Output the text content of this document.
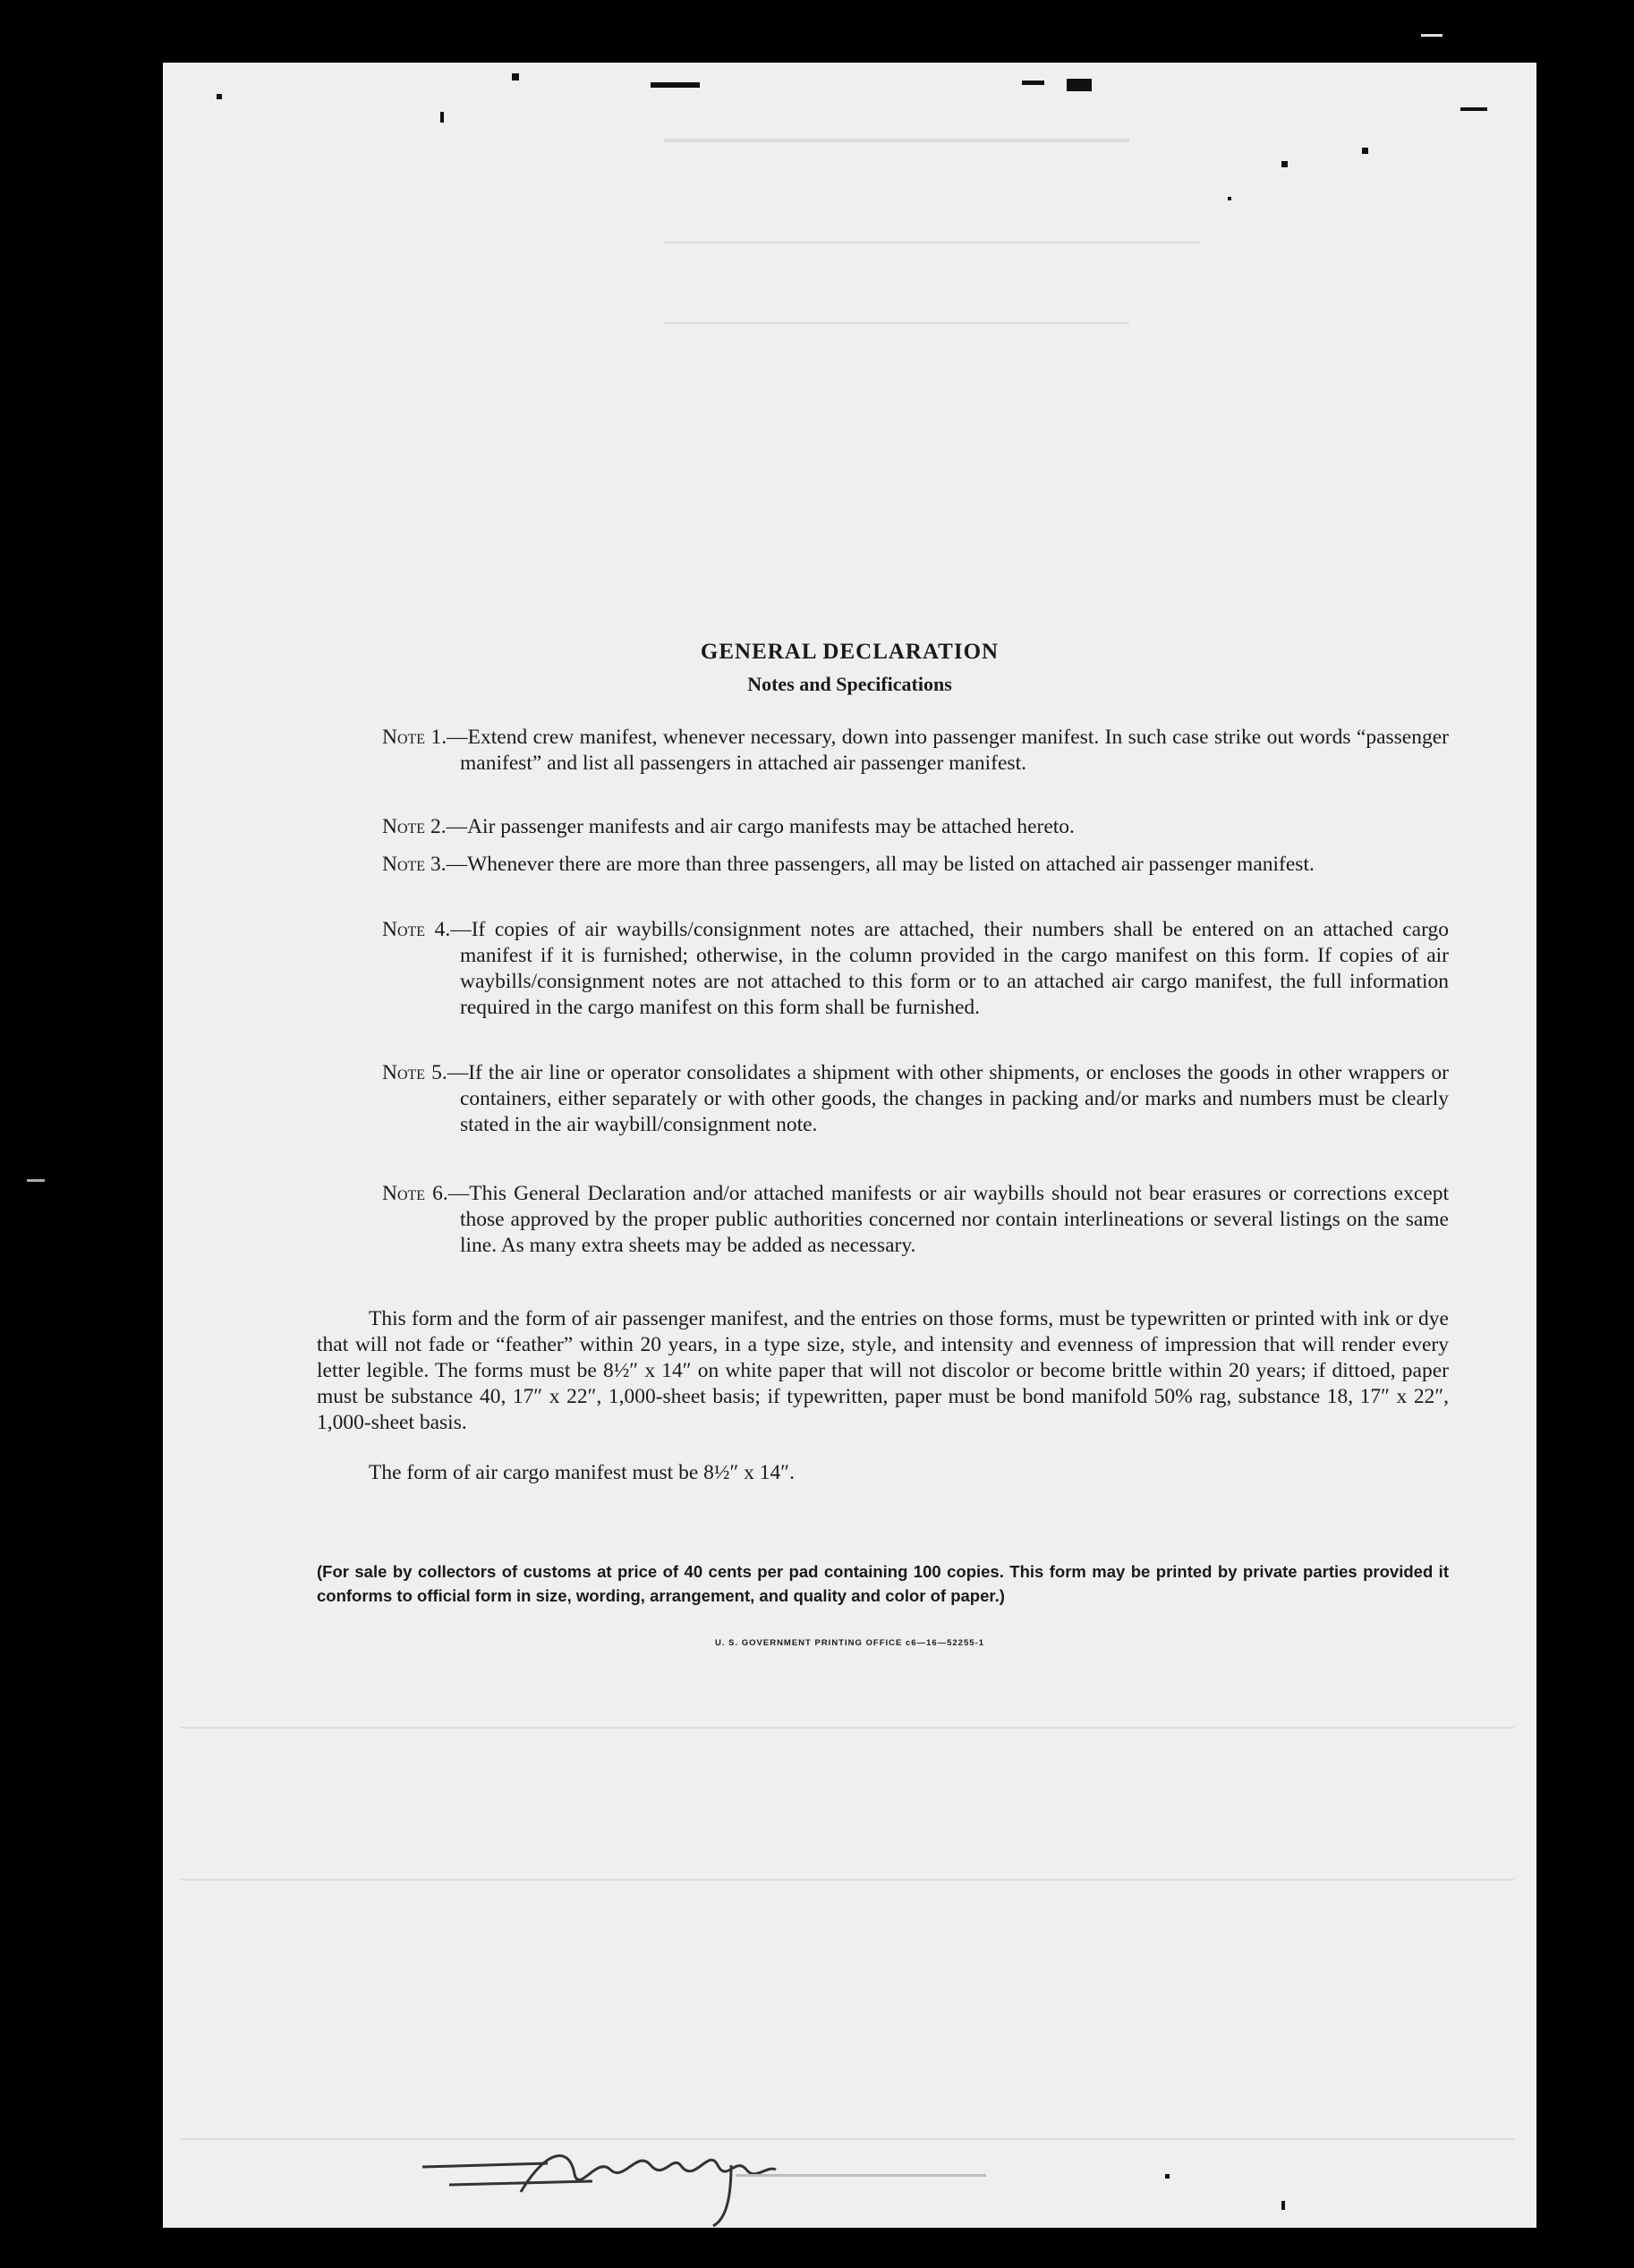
GENERAL DECLARATION
Notes and Specifications
Note 1.—Extend crew manifest, whenever necessary, down into passenger manifest. In such case strike out words “passenger manifest” and list all passengers in attached air passenger manifest.
Note 2.—Air passenger manifests and air cargo manifests may be attached hereto.
Note 3.—Whenever there are more than three passengers, all may be listed on attached air passenger manifest.
Note 4.—If copies of air waybills/consignment notes are attached, their numbers shall be entered on an attached cargo manifest if it is furnished; otherwise, in the column provided in the cargo manifest on this form. If copies of air waybills/consignment notes are not attached to this form or to an attached air cargo manifest, the full information required in the cargo manifest on this form shall be furnished.
Note 5.—If the air line or operator consolidates a shipment with other shipments, or encloses the goods in other wrappers or containers, either separately or with other goods, the changes in packing and/or marks and numbers must be clearly stated in the air waybill/consignment note.
Note 6.—This General Declaration and/or attached manifests or air waybills should not bear erasures or corrections except those approved by the proper public authorities concerned nor contain interlineations or several listings on the same line. As many extra sheets may be added as necessary.
This form and the form of air passenger manifest, and the entries on those forms, must be typewritten or printed with ink or dye that will not fade or “feather” within 20 years, in a type size, style, and intensity and evenness of impression that will render every letter legible. The forms must be 8½″ x 14″ on white paper that will not discolor or become brittle within 20 years; if dittoed, paper must be substance 40, 17″ x 22″, 1,000-sheet basis; if typewritten, paper must be bond manifold 50% rag, substance 18, 17″ x 22″, 1,000-sheet basis.
The form of air cargo manifest must be 8½″ x 14″.
(For sale by collectors of customs at price of 40 cents per pad containing 100 copies. This form may be printed by private parties provided it conforms to official form in size, wording, arrangement, and quality and color of paper.)
U. S. GOVERNMENT PRINTING OFFICE c6—16—52255-1
